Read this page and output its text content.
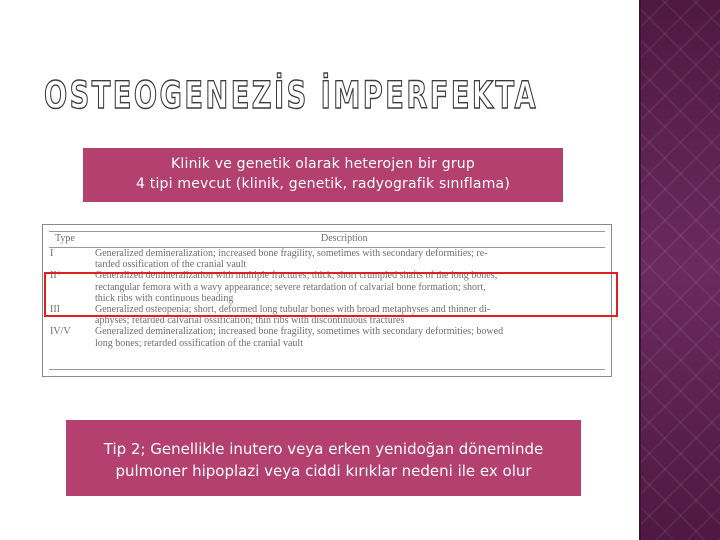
OSTEOGENEZİS İMPERFEKTA
Klinik ve genetik olarak heterojen bir grup
4 tipi mevcut (klinik, genetik, radyografik sınıflama)
Type	Description
I	Generalized demineralization; increased bone fragility, sometimes with secondary deformities; re-
tarded ossification of the cranial vault
II*	Generalized demineralization with multiple fractures; thick, short crumpled shafts of the long bones;
rectangular femora with a wavy appearance; severe retardation of calvarial bone formation; short,
thick ribs with continuous beading
III	Generalized osteopenia; short, deformed long tubular bones with broad metaphyses and thinner di-
aphyses; retarded calvarial ossification; thin ribs with discontinuous fractures
IV/V	Generalized demineralization; increased bone fragility, sometimes with secondary deformities; bowed
long bones; retarded ossification of the cranial vault
Tip 2; Genellikle inutero veya erken yenidoğan döneminde
pulmoner hipoplazi veya ciddi kırıklar nedeni ile ex olur
